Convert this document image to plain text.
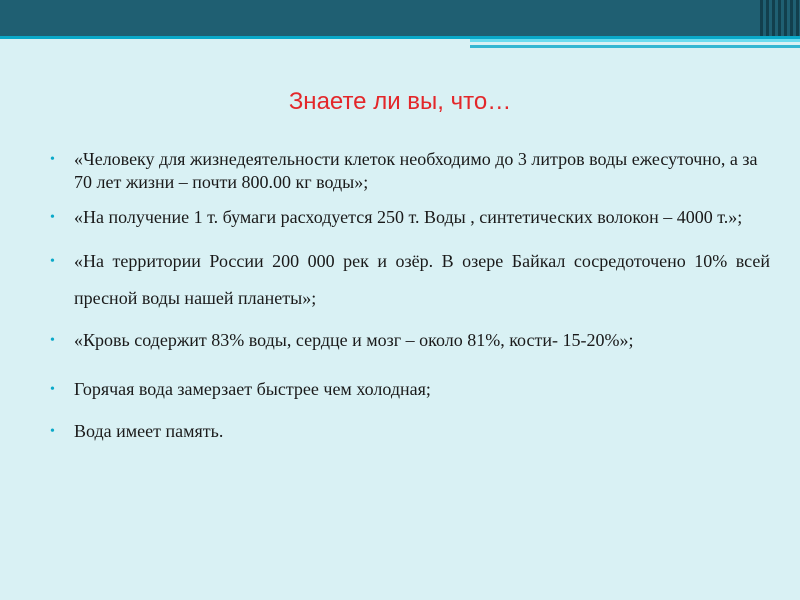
Знаете ли вы, что…
• «Человеку для жизнедеятельности клеток необходимо до 3 литров воды ежесуточно, а за 70 лет жизни – почти 800.00 кг воды»;
• «На получение 1 т. бумаги расходуется 250 т. Воды , синтетических волокон – 4000 т.»;
• «На территории России 200 000 рек и озёр. В озере Байкал сосредоточено 10% всей пресной воды нашей планеты»;
• «Кровь содержит 83% воды, сердце и мозг – около 81%, кости- 15-20%»;
• Горячая вода замерзает быстрее чем холодная;
• Вода имеет память.
